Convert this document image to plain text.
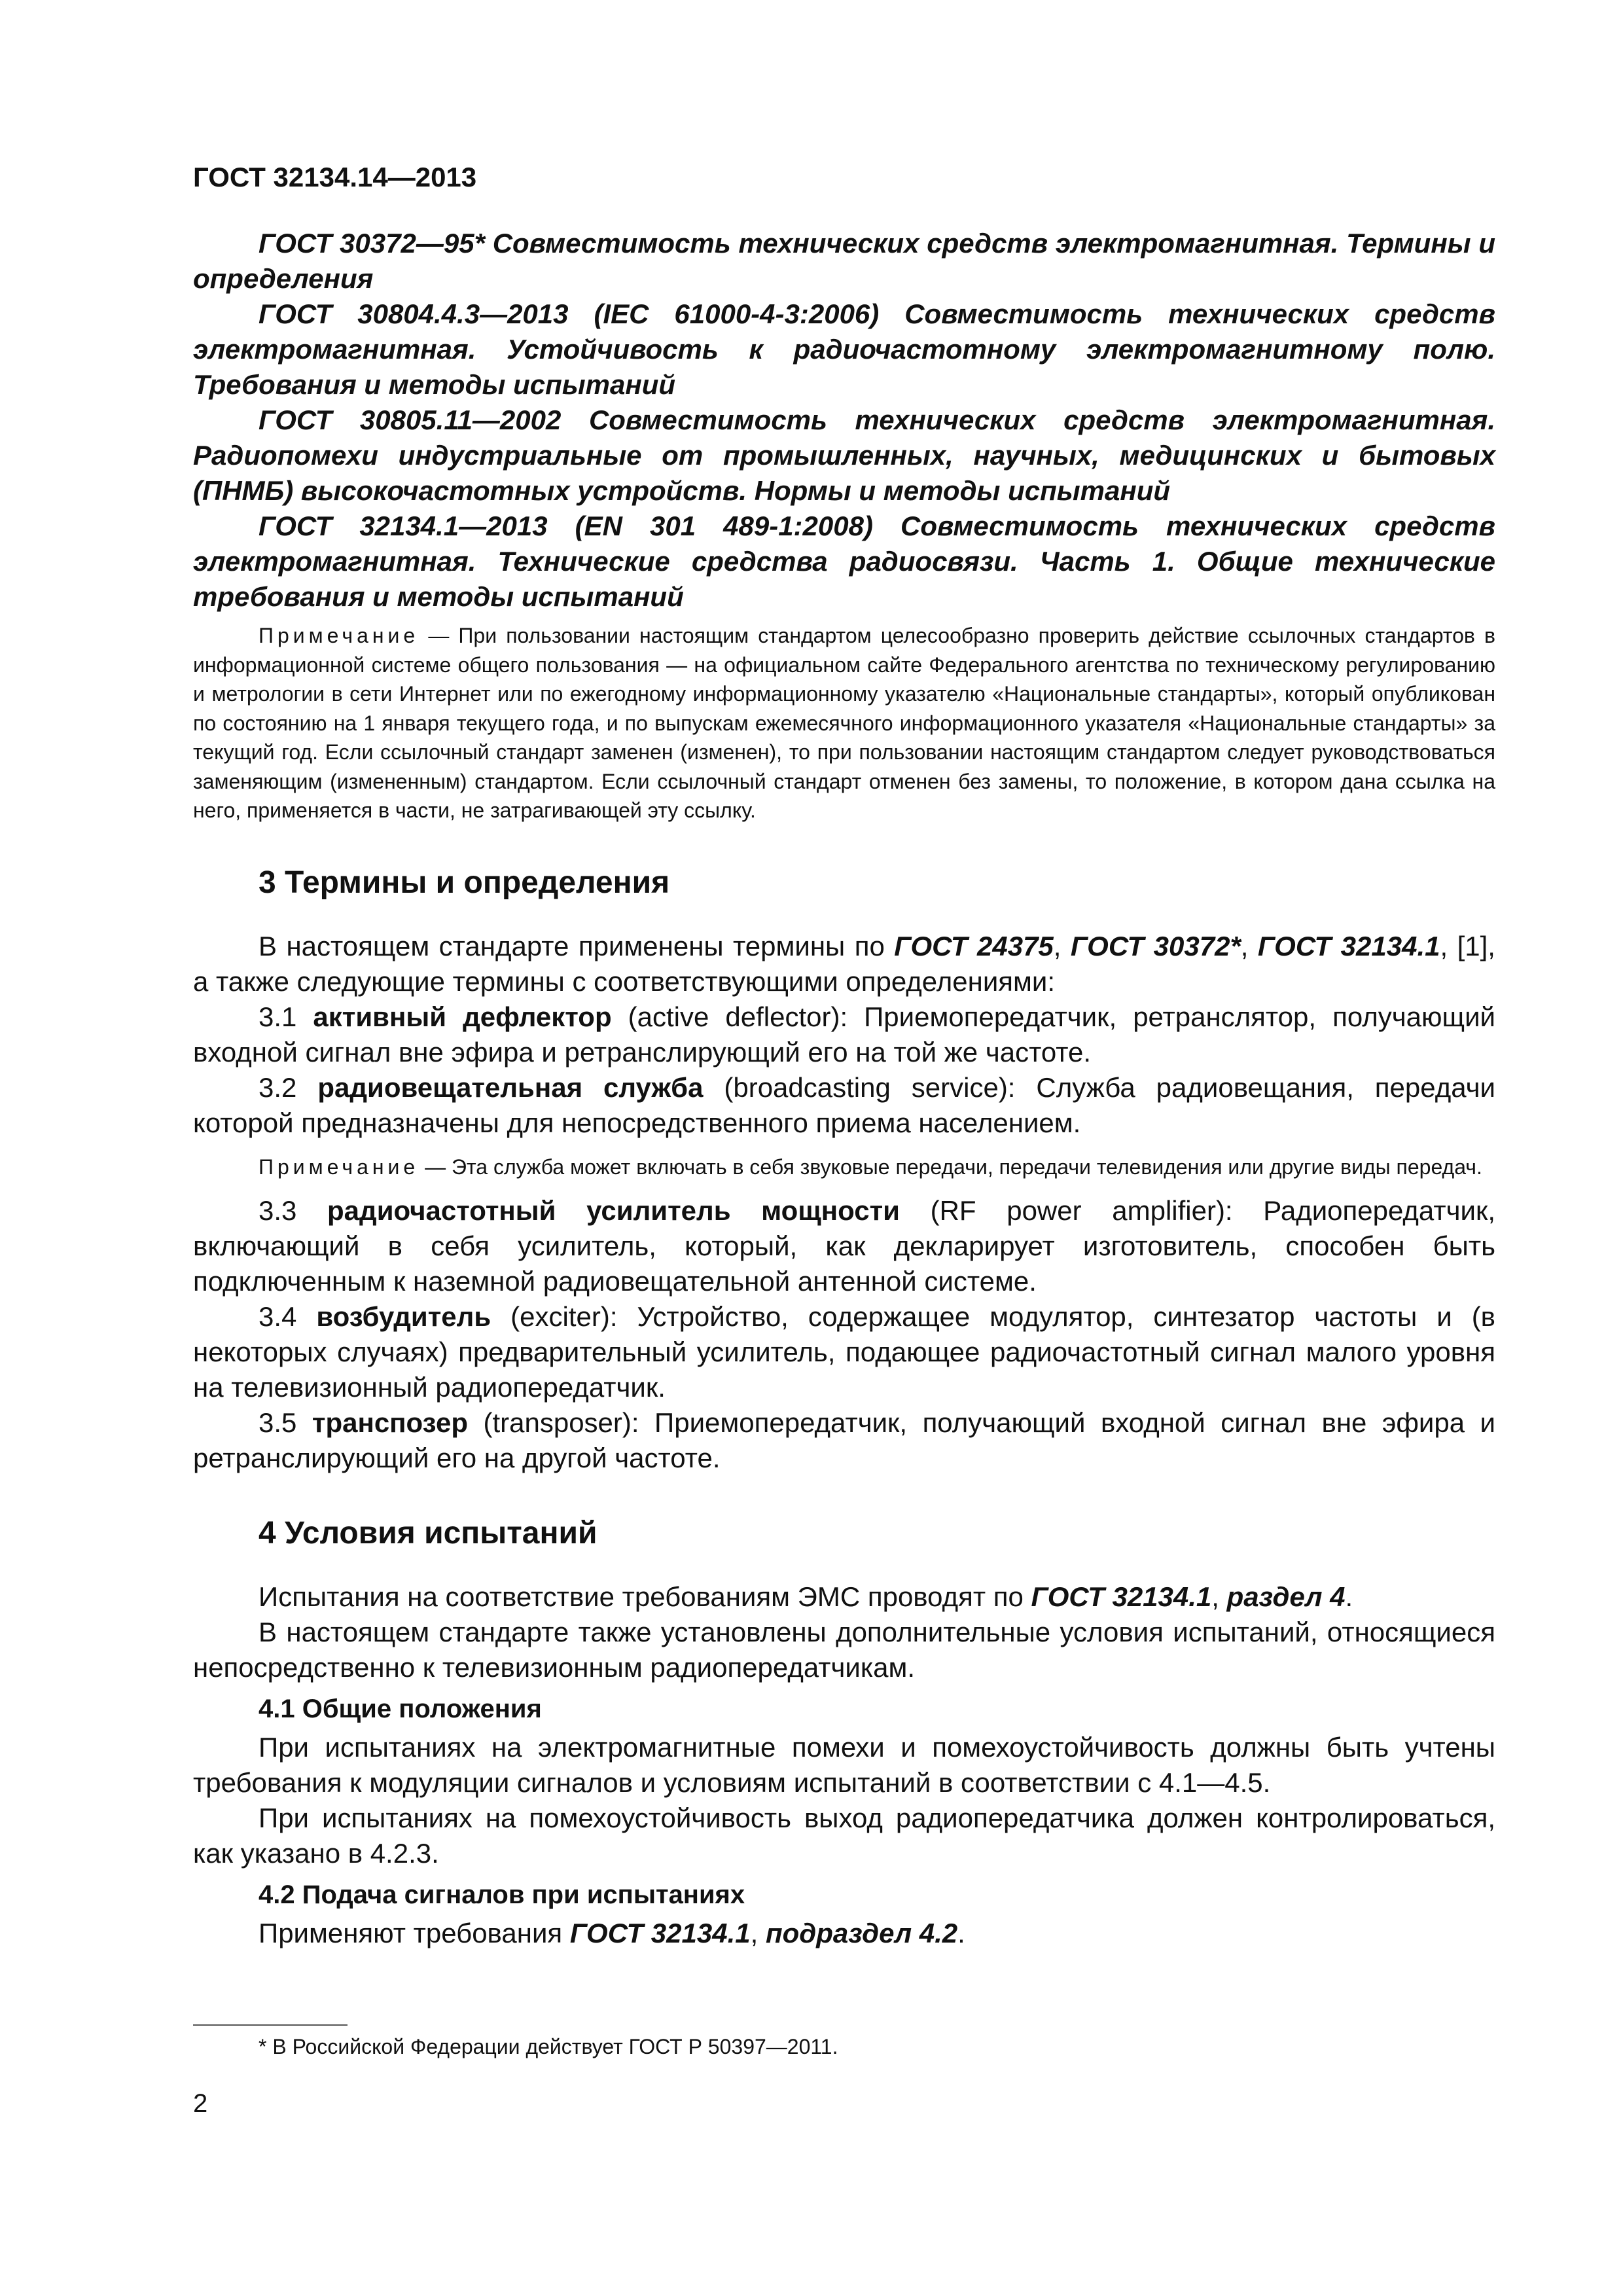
ГОСТ 32134.14—2013

ГОСТ 30372—95* Совместимость технических средств электромагнитная. Термины и определения

ГОСТ 30804.4.3—2013 (IEC 61000-4-3:2006) Совместимость технических средств электромагнитная. Устойчивость к радиочастотному электромагнитному полю. Требования и методы испытаний

ГОСТ 30805.11—2002 Совместимость технических средств электромагнитная. Радиопомехи индустриальные от промышленных, научных, медицинских и бытовых (ПНМБ) высокочастотных устройств. Нормы и методы испытаний

ГОСТ 32134.1—2013 (EN 301 489-1:2008) Совместимость технических средств электромагнитная. Технические средства радиосвязи. Часть 1. Общие технические требования и методы испытаний

Примечание — При пользовании настоящим стандартом целесообразно проверить действие ссылочных стандартов в информационной системе общего пользования — на официальном сайте Федерального агентства по техническому регулированию и метрологии в сети Интернет или по ежегодному информационному указателю «Национальные стандарты», который опубликован по состоянию на 1 января текущего года, и по выпускам ежемесячного информационного указателя «Национальные стандарты» за текущий год. Если ссылочный стандарт заменен (изменен), то при пользовании настоящим стандартом следует руководствоваться заменяющим (измененным) стандартом. Если ссылочный стандарт отменен без замены, то положение, в котором дана ссылка на него, применяется в части, не затрагивающей эту ссылку.

3 Термины и определения

В настоящем стандарте применены термины по ГОСТ 24375, ГОСТ 30372*, ГОСТ 32134.1, [1], а также следующие термины с соответствующими определениями:

3.1 активный дефлектор (active deflector): Приемопередатчик, ретранслятор, получающий входной сигнал вне эфира и ретранслирующий его на той же частоте.

3.2 радиовещательная служба (broadcasting service): Служба радиовещания, передачи которой предназначены для непосредственного приема населением.

Примечание — Эта служба может включать в себя звуковые передачи, передачи телевидения или другие виды передач.

3.3 радиочастотный усилитель мощности (RF power amplifier): Радиопередатчик, включающий в себя усилитель, который, как декларирует изготовитель, способен быть подключенным к наземной радиовещательной антенной системе.

3.4 возбудитель (exciter): Устройство, содержащее модулятор, синтезатор частоты и (в некоторых случаях) предварительный усилитель, подающее радиочастотный сигнал малого уровня на телевизионный радиопередатчик.

3.5 транспозер (transposer): Приемопередатчик, получающий входной сигнал вне эфира и ретранслирующий его на другой частоте.

4 Условия испытаний

Испытания на соответствие требованиям ЭМС проводят по ГОСТ 32134.1, раздел 4.

В настоящем стандарте также установлены дополнительные условия испытаний, относящиеся непосредственно к телевизионным радиопередатчикам.

4.1 Общие положения

При испытаниях на электромагнитные помехи и помехоустойчивость должны быть учтены требования к модуляции сигналов и условиям испытаний в соответствии с 4.1—4.5.

При испытаниях на помехоустойчивость выход радиопередатчика должен контролироваться, как указано в 4.2.3.

4.2 Подача сигналов при испытаниях

Применяют требования ГОСТ 32134.1, подраздел 4.2.

* В Российской Федерации действует ГОСТ Р 50397—2011.
2
